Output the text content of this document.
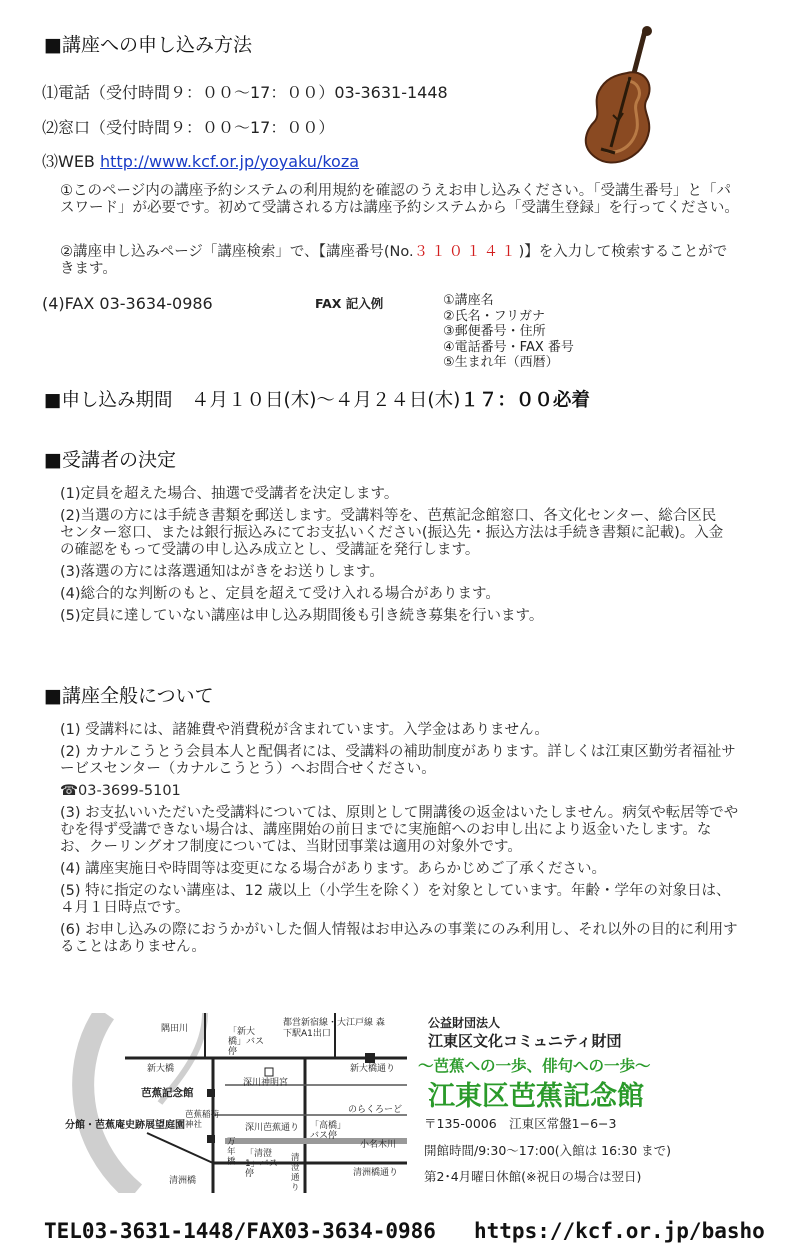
■講座への申し込み方法
⑴電話（受付時間９：００〜17：００）03-3631-1448
⑵窓口（受付時間９：００〜17：００）
⑶WEB http://www.kcf.or.jp/yoyaku/koza
①このページ内の講座予約システムの利用規約を確認のうえお申し込みください。「受講生番号」と「パスワード」が必要です。初めて受講される方は講座予約システムから「受講生登録」を行ってください。
②講座申し込みページ「講座検索」で、【講座番号(No.３１０１４１)】を入力して検索することができます。
(4)FAX 03-3634-0986	FAX 記入例	①講座名
②氏名・フリガナ
③郵便番号・住所
④電話番号・FAX 番号
⑤生まれ年（西暦）
■申し込み期間　４月１０日(木)〜４月２４日(木)１７：００必着
■受講者の決定
(1)定員を超えた場合、抽選で受講者を決定します。
(2)当選の方には手続き書類を郵送します。受講料等を、芭蕉記念館窓口、各文化センター、総合区民センター窓口、または銀行振込みにてお支払いください(振込先・振込方法は手続き書類に記載)。入金の確認をもって受講の申し込み成立とし、受講証を発行します。
(3)落選の方には落選通知はがきをお送りします。
(4)総合的な判断のもと、定員を超えて受け入れる場合があります。
(5)定員に達していない講座は申し込み期間後も引き続き募集を行います。
■講座全般について
(1) 受講料には、諸雑費や消費税が含まれています。入学金はありません。
(2) カナルこうとう会員本人と配偶者には、受講料の補助制度があります。詳しくは江東区勤労者福祉サービスセンター（カナルこうとう）へお問合せください。
☎03-3699-5101
(3) お支払いいただいた受講料については、原則として開講後の返金はいたしません。病気や転居等でやむを得ず受講できない場合は、講座開始の前日までに実施館へのお申し出により返金いたします。なお、クーリングオフ制度については、当財団事業は適用の対象外です。
(4) 講座実施日や時間等は変更になる場合があります。あらかじめご了承ください。
(5) 特に指定のない講座は、12 歳以上（小学生を除く）を対象としています。年齢・学年の対象日は、４月１日時点です。
(6) お申し込みの際におうかがいした個人情報はお申込みの事業にのみ利用し、それ以外の目的に利用することはありません。
隅田川	「新大橋」バス停
都営新宿線・大江戸線 森下駅A1出口
新大橋	新大橋通り
芭蕉記念館
深川神明宮
芭蕉稲荷神社	深川芭蕉通り
のらくろーど
分館・芭蕉庵史跡展望庭園	「高橋」バス停
小名木川
万年橋
「清澄1」バス停
清澄通り
清洲橋
清洲橋通り
公益財団法人
江東区文化コミュニティ財団
〜芭蕉への一歩、俳句への一歩〜
江東区芭蕉記念館
〒135-0006　江東区常盤1−6−3
開館時間/9:30〜17:00(入館は 16:30 まで)
第2･4月曜日休館(※祝日の場合は翌日)
TEL03-3631-1448/FAX03-3634-0986 https://kcf.or.jp/basho
